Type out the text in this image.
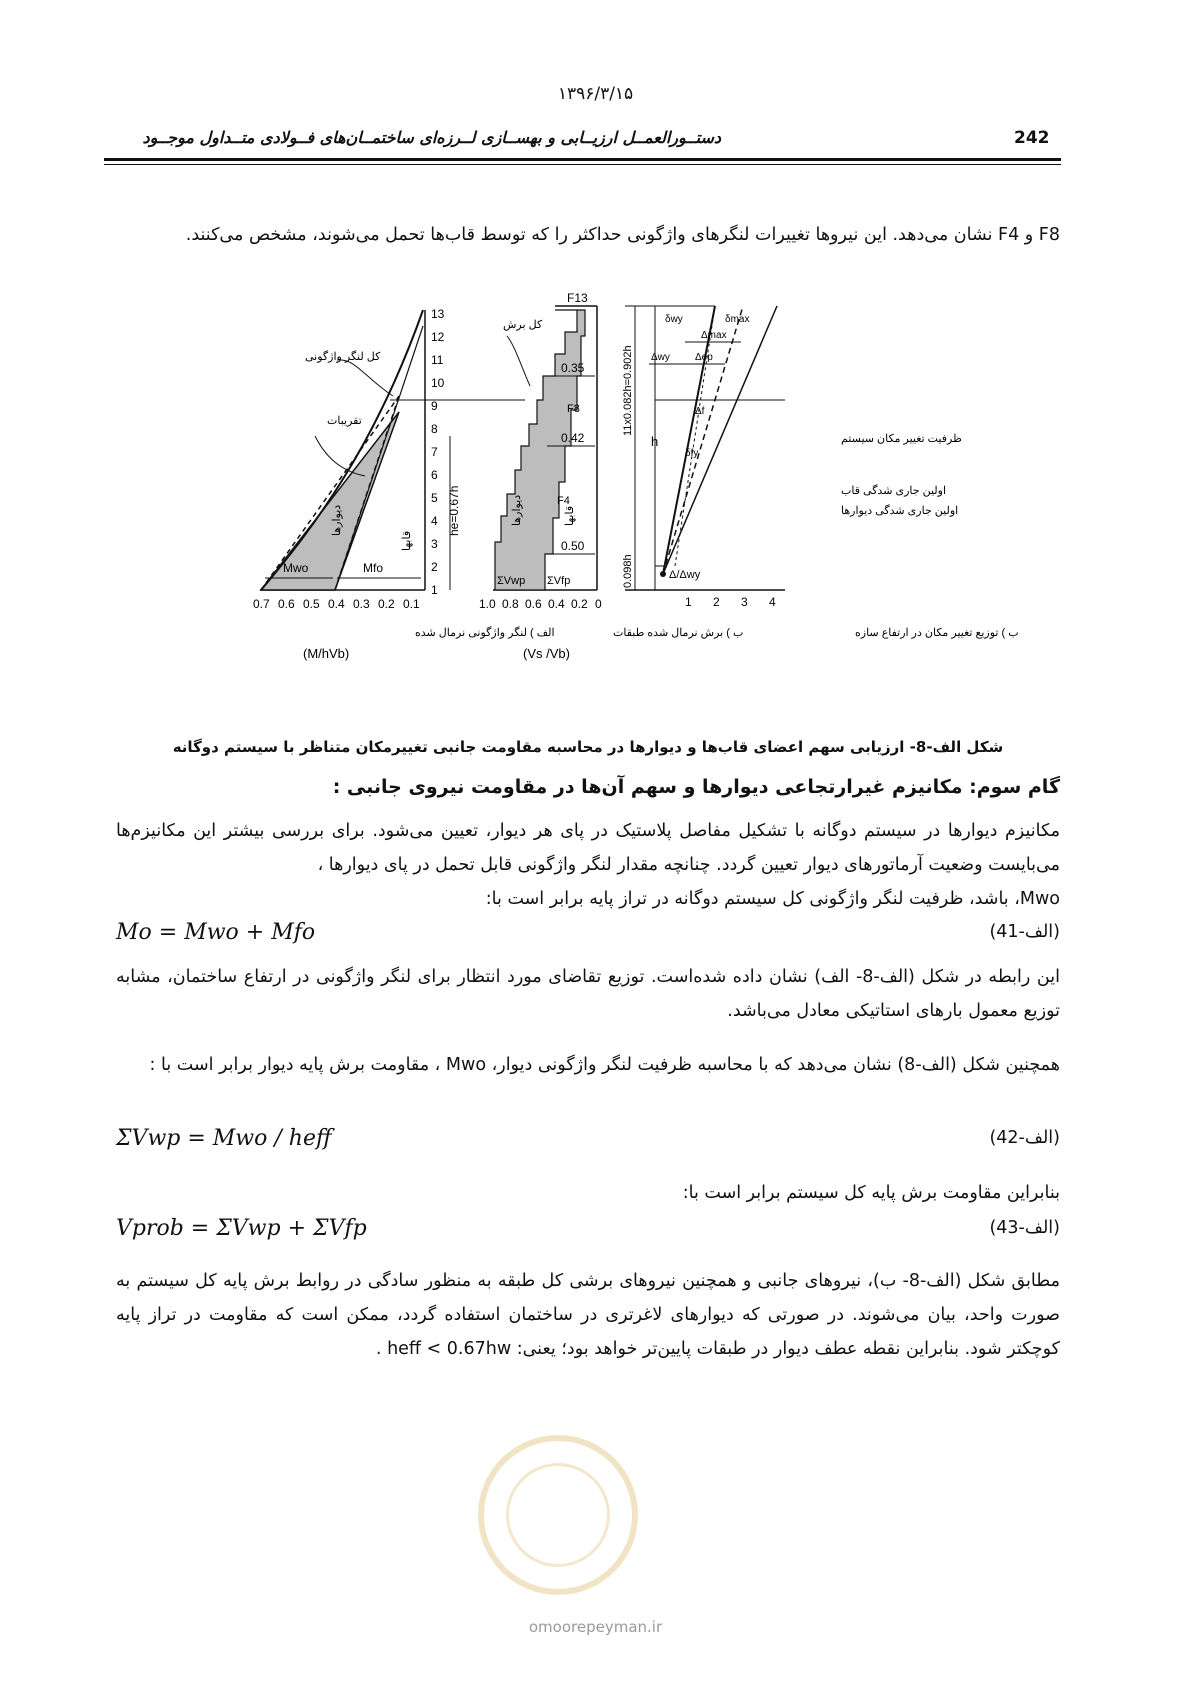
۱۳۹۶/۳/۱۵
242
دستــورالعمــل ارزیــابی و بهســازی لــرزه‌ای ساختمــان‌های فــولادی متــداول موجــود
F8 و F4 نشان می‌دهد. این نیروها تغییرات لنگرهای واژگونی حداکثر را که توسط قاب‌ها تحمل می‌شوند، مشخص می‌کنند.
Mwo	Mfo
1
2
3
4
5
6
7
8
9
10
11
12
13
0.7 0.6 0.5 0.4 0.3 0.2 0.1
کل لنگر واژگونی
تقریبات
دیوارها
قابها
he=0.67h
الف ) لنگر واژگونی نرمال شده
(M/hVb)
F13
0.35
0.42
0.50
F8
F4
ΣVwp ΣVfp
دیوارها	قابها
کل برش
1.0 0.8 0.6 0.4 0.2 0
ب ) برش نرمال شده طبقات
(Vs /Vb)
11x0.082h=0.902h
h
0.098h
Δmax
Δwy	Δep
δwy	δmax
Δf
δfy
ظرفیت تغییر مکان سیستم
اولین جاری شدگی قاب
اولین جاری شدگی دیوارها
Δ/Δwy
1 2 3 4
ب ) توزیع تغییر مکان در ارتفاع سازه
شکل الف-8- ارزیابی سهم اعضای قاب‌ها و دیوارها در محاسبه مقاومت جانبی تغییرمکان متناظر با سیستم دوگانه
گام سوم: مکانیزم غیرارتجاعی دیوارها و سهم آن‌ها در مقاومت نیروی جانبی :
مکانیزم دیوارها در سیستم دوگانه با تشکیل مفاصل پلاستیک در پای هر دیوار، تعیین می‌شود. برای بررسی بیشتر این مکانیزم‌ها می‌بایست وضعیت آرماتورهای دیوار تعیین گردد. چنانچه مقدار لنگر واژگونی قابل تحمل در پای دیوارها ،
Mwo، باشد، ظرفیت لنگر واژگونی کل سیستم دوگانه در تراز پایه برابر است با:
Mo = Mwo + Mfo	(الف-41)
این رابطه در شکل (الف-8- الف) نشان داده شده‌است. توزیع تقاضای مورد انتظار برای لنگر واژگونی در ارتفاع ساختمان، مشابه توزیع معمول بارهای استاتیکی معادل می‌باشد.
همچنین شکل (الف-8) نشان می‌دهد که با محاسبه ظرفیت لنگر واژگونی دیوار، Mwo ، مقاومت برش پایه دیوار برابر است با :
ΣVwp = Mwo / heff	(الف-42)
بنابراین مقاومت برش پایه کل سیستم برابر است با:
Vprob = ΣVwp + ΣVfp	(الف-43)
مطابق شکل (الف-8- ب)، نیروهای جانبی و همچنین نیروهای برشی کل طبقه به منظور سادگی در روابط برش پایه کل سیستم به صورت واحد، بیان می‌شوند. در صورتی که دیوارهای لاغرتری در ساختمان استفاده گردد، ممکن است که مقاومت در تراز پایه کوچکتر شود. بنابراین نقطه عطف دیوار در طبقات پایین‌تر خواهد بود؛ یعنی: heff < 0.67hw .
omoorepeyman.ir
